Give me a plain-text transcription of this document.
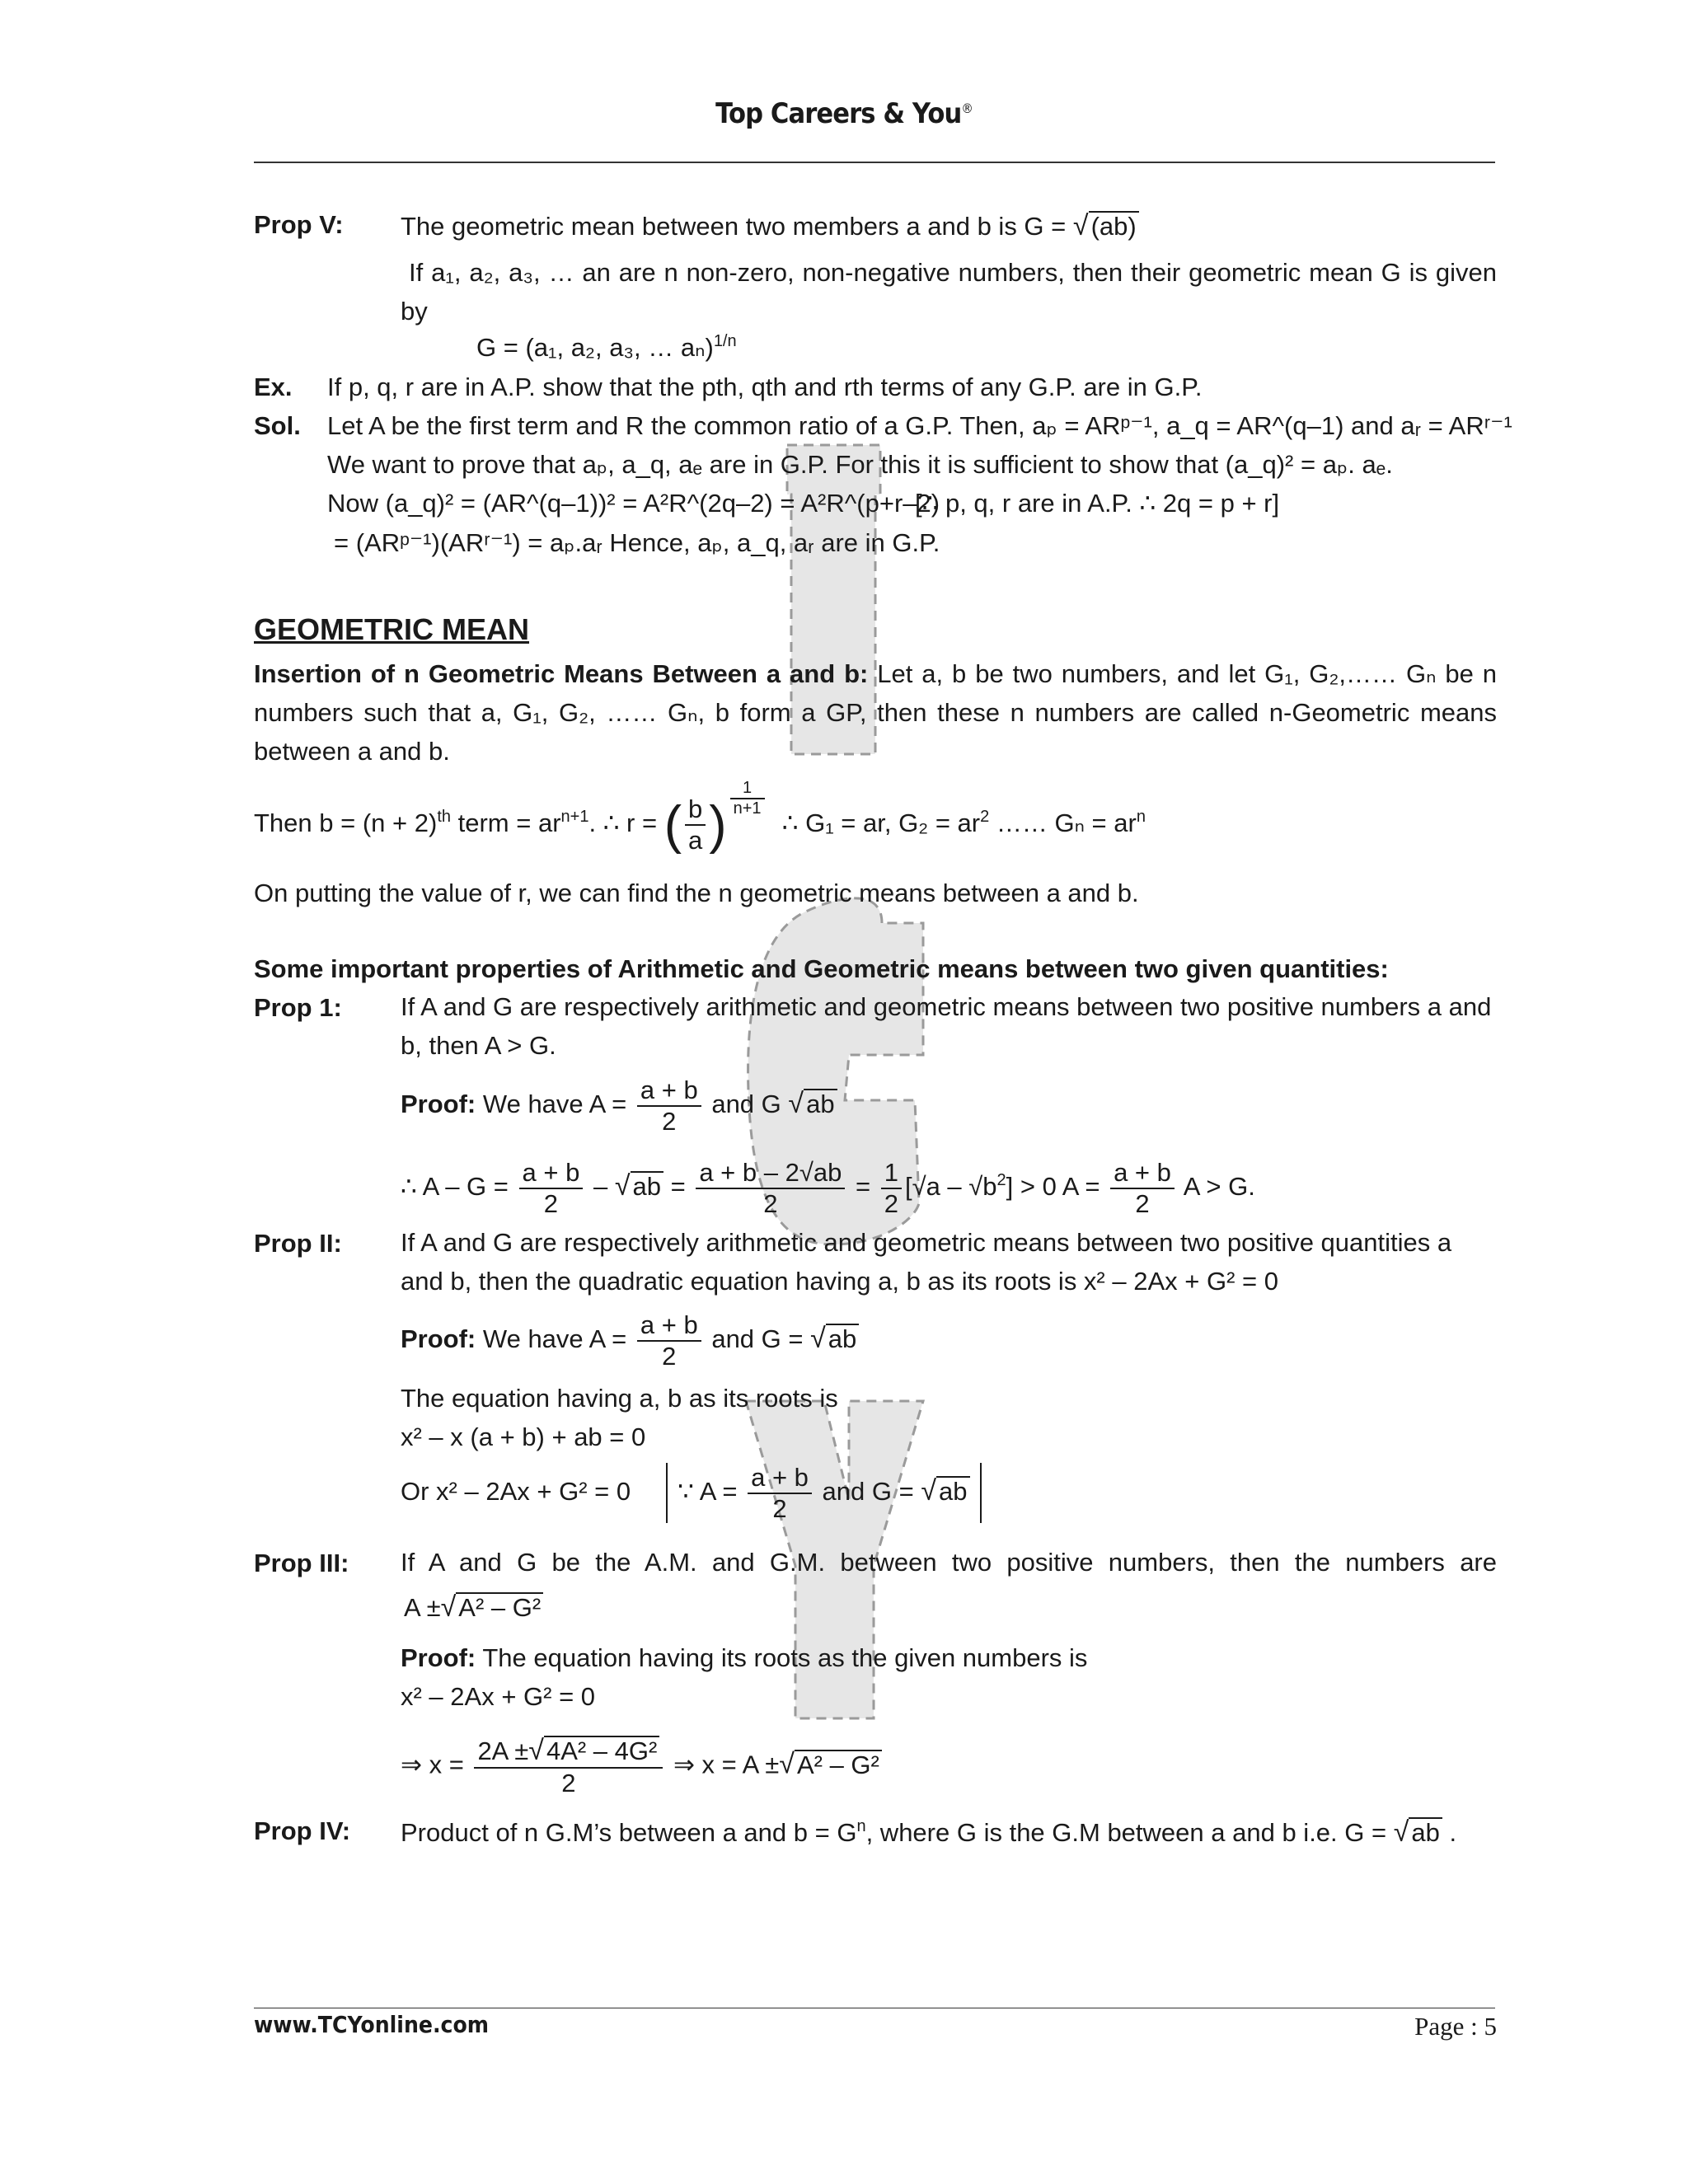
Top Careers & You®
Prop V: The geometric mean between two members a and b is G = √(ab)
If a₁, a₂, a₃, … an are n non-zero, non-negative numbers, then their geometric mean G is given by
G = (a₁, a₂, a₃, … aₙ)$^{1/n}$
Ex. If p, q, r are in A.P. show that the pth, qth and rth terms of any G.P. are in G.P.
Sol. Let A be the first term and R the common ratio of a G.P. Then, aₚ = ARᵖ⁻¹, a_q = AR^(q–1) and aᵣ = ARʳ⁻¹
We want to prove that aₚ, a_q, aₑ are in G.P. For this it is sufficient to show that (a_q)² = aₚ. aₑ.
Now (a_q)² = (AR^(q–1))² = A²R^(2q–2) = A²R^(p+r–2)
[∴ p, q, r are in A.P. ∴ 2q = p + r]
= (ARᵖ⁻¹)(ARʳ⁻¹) = aₚ.aᵣ Hence, aₚ, a_q, aᵣ are in G.P.
GEOMETRIC MEAN
Insertion of n Geometric Means Between a and b: Let a, b be two numbers, and let G₁, G₂,…… Gₙ be n numbers such that a, G₁, G₂, …… Gₙ, b form a GP, then these n numbers are called n-Geometric means between a and b.
Then $b = (n + 2)^{th}$ term = $ar^{n+1}$. ∴ r = ( $\frac{b}{a}$ ) $\frac{1}{n+1}$
∴ G₁ = ar, $G_2 = ar^2$ …… $G_n = ar^n$
On putting the value of r, we can find the n geometric means between a and b.
Some important properties of Arithmetic and Geometric means between two given quantities:
Prop 1: If A and G are respectively arithmetic and geometric means between two positive numbers a and b, then A > G.
Proof: We have $A = \frac{a + b}{2}$ and G √ab
∴ $A - G = \frac{a + b}{2} - √ab = \frac{a + b - 2√ab}{2} = \frac{1}{2} [√a - √b^2] > 0$ $A = \frac{a + b}{2}$ A > G.
Prop II: If A and G are respectively arithmetic and geometric means between two positive quantities a and b, then the quadratic equation having a, b as its roots is x² – 2Ax + G² = 0
Proof: We have $A = \frac{a + b}{2}$ and G = √ab
The equation having a, b as its roots is
x² – x (a + b) + ab = 0
Or x² – 2Ax + G² = 0 ∵ $A = \frac{a + b}{2}$ and G = √ab
Prop III: If A and G be the A.M. and G.M. between two positive numbers, then the numbers are
A ±√A² – G²
Proof: The equation having its roots as the given numbers is
x² – 2Ax + G² = 0
⇒ $x = \frac{\text{2A ±√4A² – 4G²}}{2}$ ⇒ x = A ±√A² – G²
Prop IV: Product of n G.M’s between a and $b = G^n$, where G is the G.M between a and b i.e. G = √ab .
www.TCYonline.com	Page : 5
